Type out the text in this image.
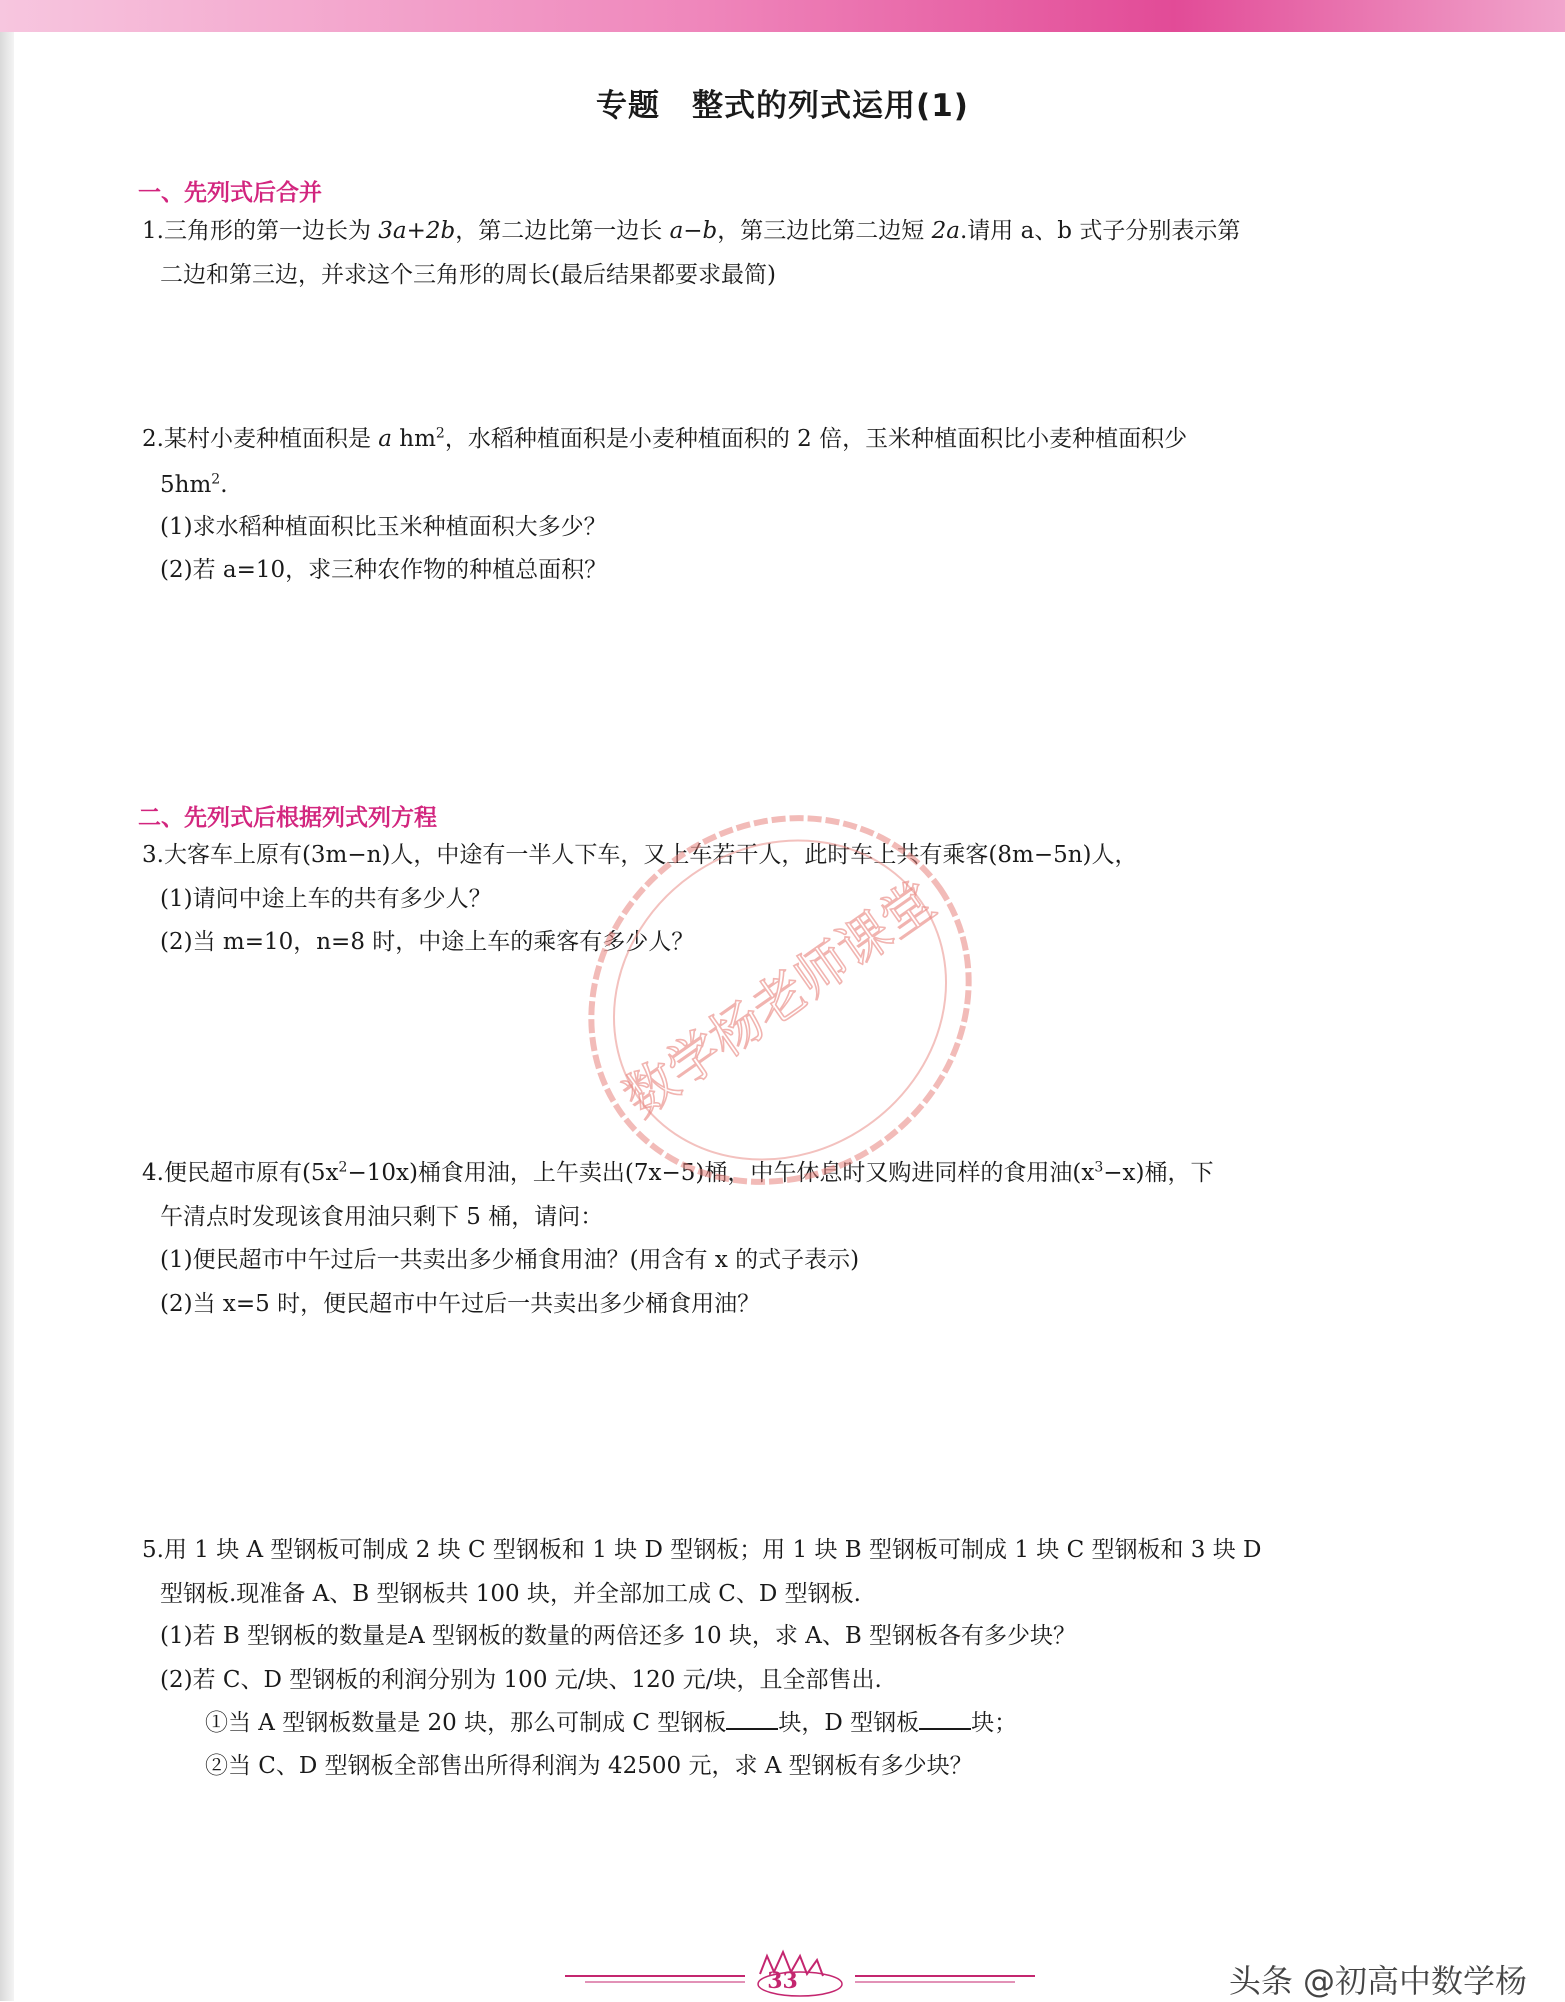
专题　整式的列式运用(1)
一、先列式后合并
1.三角形的第一边长为 3a+2b，第二边比第一边长 a−b，第三边比第二边短 2a.请用 a、b 式子分别表示第
二边和第三边，并求这个三角形的周长(最后结果都要求最简)
2.某村小麦种植面积是 a $hm^2$，水稻种植面积是小麦种植面积的 2 倍，玉米种植面积比小麦种植面积少
$5hm^2$.
(1)求水稻种植面积比玉米种植面积大多少？
(2)若 a=10，求三种农作物的种植总面积？
二、先列式后根据列式列方程
3.大客车上原有(3m−n)人，中途有一半人下车，又上车若干人，此时车上共有乘客(8m−5n)人，
(1)请问中途上车的共有多少人？
(2)当 m=10，n=8 时，中途上车的乘客有多少人？
4.便民超市原有$(5x^2-10x)$桶食用油，上午卖出(7x−5)桶，中午休息时又购进同样的食用油$(x^3-x)$桶，下
午清点时发现该食用油只剩下 5 桶，请问：
(1)便民超市中午过后一共卖出多少桶食用油？(用含有 x 的式子表示)
(2)当 x=5 时，便民超市中午过后一共卖出多少桶食用油？
5.用 1 块 A 型钢板可制成 2 块 C 型钢板和 1 块 D 型钢板；用 1 块 B 型钢板可制成 1 块 C 型钢板和 3 块 D
型钢板.现准备 A、B 型钢板共 100 块，并全部加工成 C、D 型钢板.
(1)若 B 型钢板的数量是A 型钢板的数量的两倍还多 10 块，求 A、B 型钢板各有多少块？
(2)若 C、D 型钢板的利润分别为 100 元/块、120 元/块，且全部售出.
①当 A 型钢板数量是 20 块，那么可制成 C 型钢板 块，D 型钢板 块；
②当 C、D 型钢板全部售出所得利润为 42500 元，求 A 型钢板有多少块？
数学杨老师课堂
33	头条 @初高中数学杨
